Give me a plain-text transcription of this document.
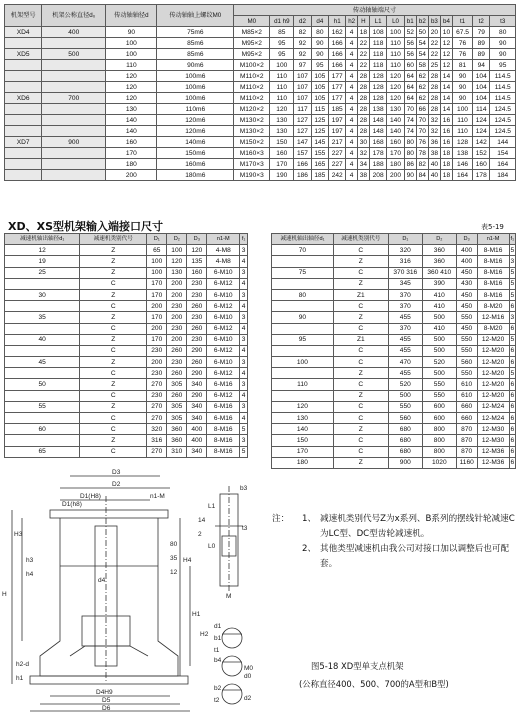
机架型号	机架公称直径d₀	传动轴轴径d	传动轴轴上螺纹M0	传动轴轴端尺寸															
				M0	d1 h9	d2	d4	h1	h2	H	L1	L0	b1	b2	b3	b4	t1	t2	t3
XD4	400	90	75m6	M85×2	85	82	80	162	4	18	108	100	52	50	20	10	67.5	79	80
		100	85m6	M95×2	95	92	90	166	4	22	118	110	56	54	22	12	76	89	90
XD5	500	100	85m6	M95×2	95	92	90	166	4	22	118	110	56	54	22	12	76	89	90
		110	90m6	M100×2	100	97	95	166	4	22	118	110	60	58	25	12	81	94	95
		120	100m6	M110×2	110	107	105	177	4	28	128	120	64	62	28	14	90	104	114.5
		120	100m6	M110×2	110	107	105	177	4	28	128	120	64	62	28	14	90	104	114.5
XD6	700	120	100m6	M110×2	110	107	105	177	4	28	128	120	64	62	28	14	90	104	114.5
		130	110m6	M120×2	120	117	115	185	4	28	138	130	70	66	28	14	100	114	124.5
		140	120m6	M130×2	130	127	125	197	4	28	148	140	74	70	32	16	110	124	124.5
		140	120m6	M130×2	130	127	125	197	4	28	148	140	74	70	32	16	110	124	124.5
XD7	900	160	140m6	M150×2	150	147	145	217	4	30	168	160	80	76	36	16	128	142	144
		170	150m6	M160×3	160	157	155	227	4	32	178	170	80	78	38	18	138	152	154
		180	160m6	M170×3	170	166	165	227	4	34	188	180	86	82	40	18	146	160	164
		200	180m6	M190×3	190	186	185	242	4	38	208	200	90	84	40	18	164	178	184
XD、XS型机架输入端接口尺寸	表5-19
减速机轴出轴径d₁	减速机类别代号	D₁	D₂	D₃	n1-M	f₁
12	Z	65	100	120	4-M8	3
19	Z	100	120	135	4-M8	4
25	Z	100	130	160	6-M10	3
	C	170	200	230	6-M12	4
30	Z	170	200	230	6-M10	3
	C	200	230	260	6-M12	4
35	Z	170	200	230	6-M10	3
	C	200	230	260	6-M12	4
40	Z	170	200	230	6-M10	3
	C	230	260	290	6-M12	4
45	Z	200	230	260	6-M10	3
	C	230	260	290	6-M12	4
50	Z	270	305	340	6-M16	3
	C	230	260	290	6-M12	4
55	Z	270	305	340	6-M16	3
	C	270	305	340	6-M16	4
60	C	320	360	400	8-M16	5
	Z	316	360	400	8-M16	3
65	C	270	310	340	8-M16	5
减速机轴出轴径d₁	减速机类别代号	D₁	D₂	D₃	n1-M	f₁
70	C	320	360	400	8-M16	5
	Z	316	360	400	8-M16	3
75	C	370 316	360 410	450	8-M16	5
	Z	345	390	430	8-M16	5
80	Z1	370	410	450	8-M16	5
	C	370	410	450	8-M20	6
90	Z	455	500	550	12-M16	3
	C	370	410	450	8-M20	6
95	Z1	455	500	550	12-M20	5
	C	455	500	550	12-M20	6
100	C	470	520	560	12-M20	6
	Z	455	500	550	12-M20	5
110	C	520	550	610	12-M20	6
	Z	500	550	610	12-M20	6
120	C	550	600	660	12-M24	6
130	C	560	600	660	12-M24	6
140	Z	680	800	870	12-M30	6
150	C	680	800	870	12-M30	6
170	C	680	800	870	12-M36	6
180	Z	900	1020	1160	12-M36	6
D3
D2
D1(H8)
D1(h8)
n1-M
H3
H
h2-d
h1
d4
D4H9
D5
D6
L1
L0
b3
t3
M
d1
b1
t1
b4
M0
d0
b2
t2	d2
H1
H2
H4
h3
h4
80
35
12
14
2
注：	1、 减速机类别代号Z为x系列、B系列的摆线针轮减速C为LC型、DC型齿轮减速机。
2、 其他类型减速机由我公司对接口加以调整后也可配套。
图5-18 XD型单支点机架
(公称直径400、500、700的A型和B型)
